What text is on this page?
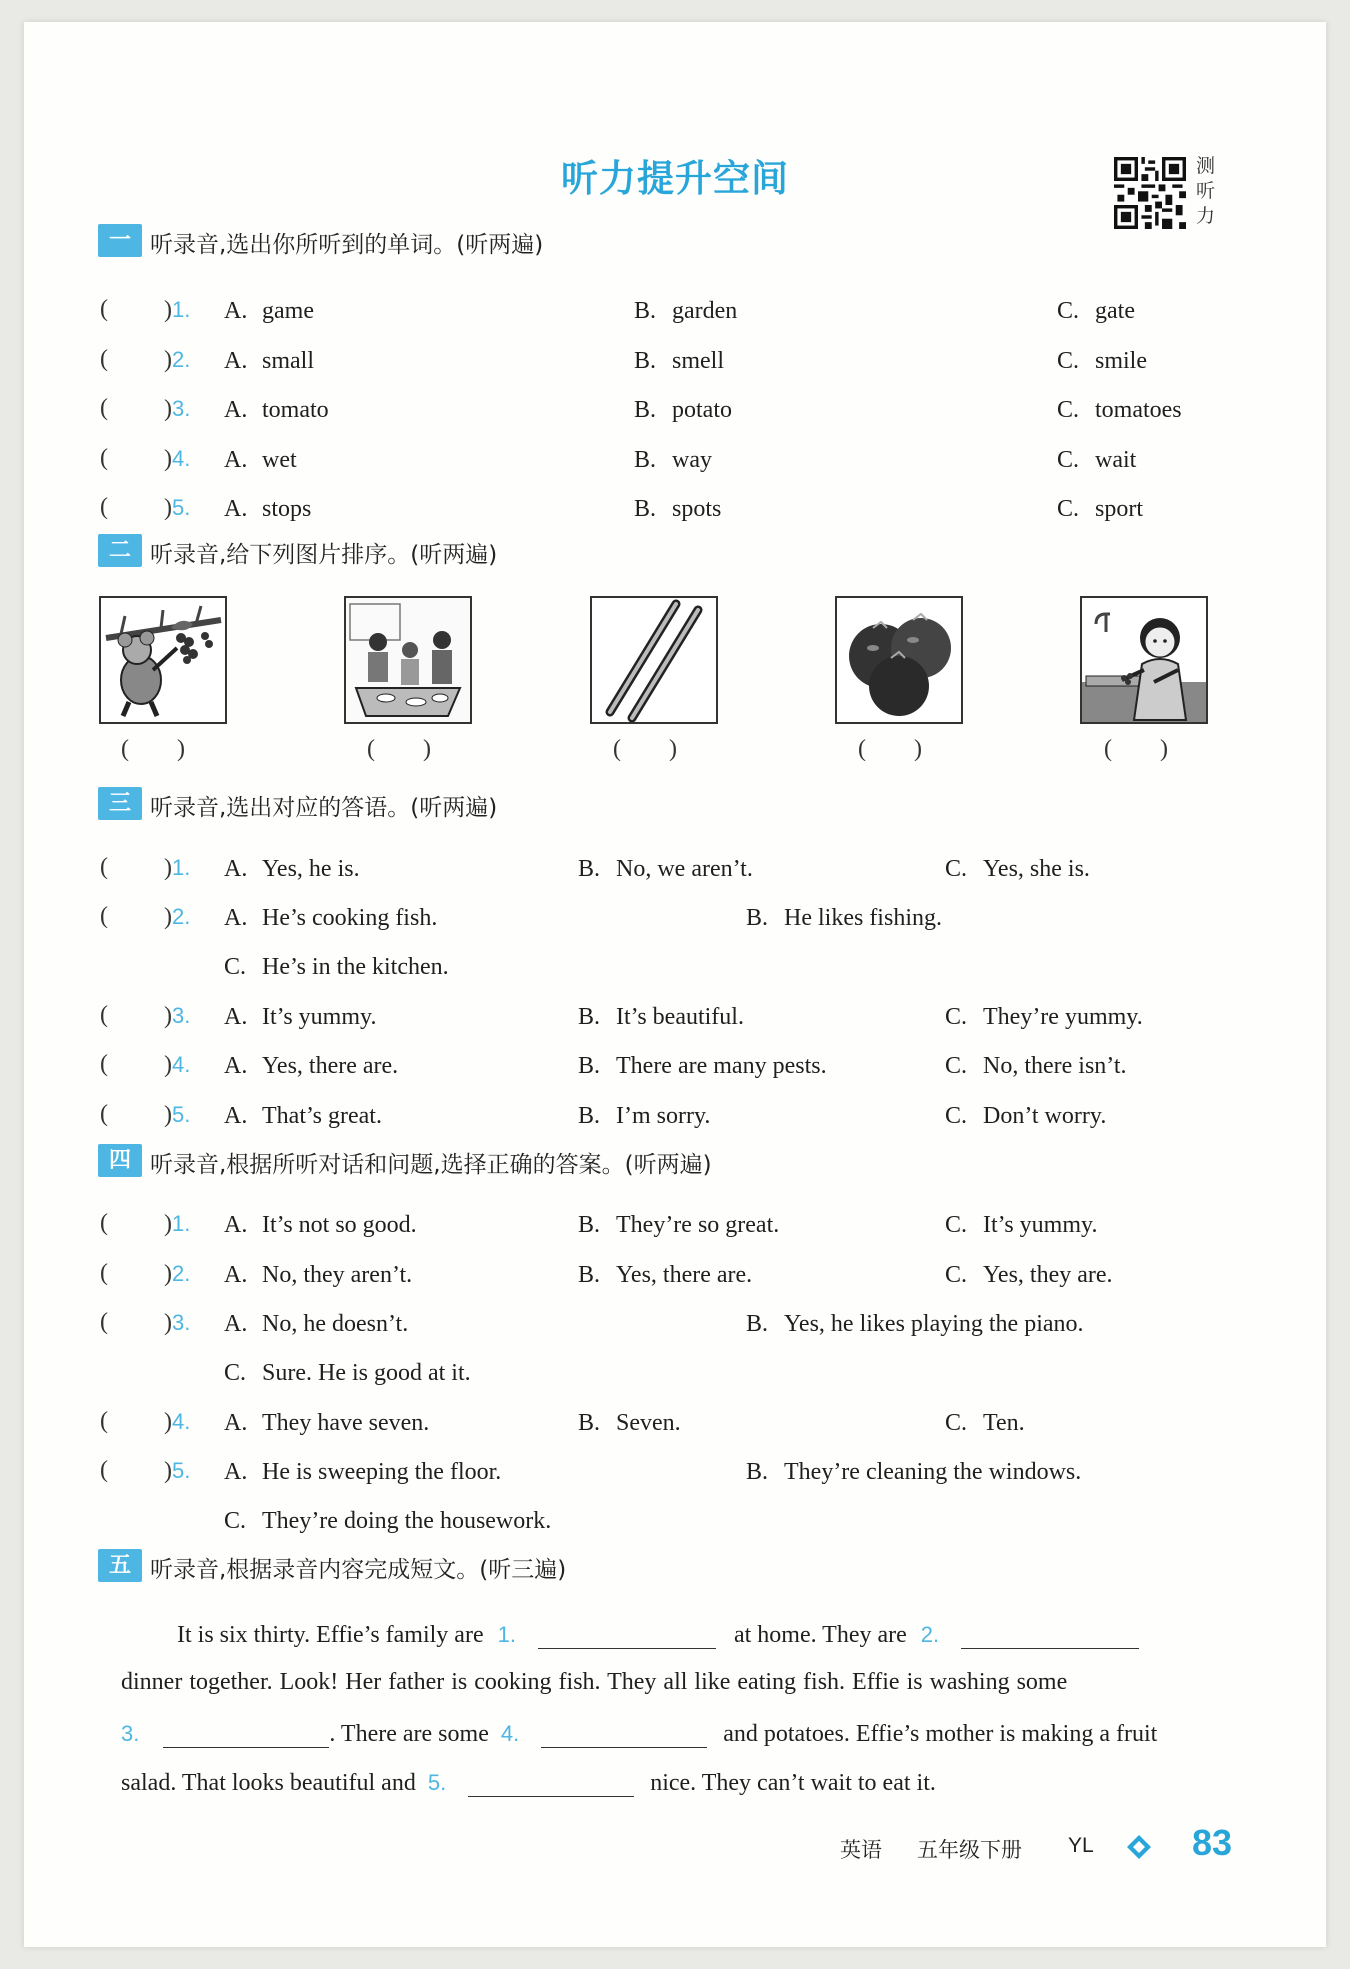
听力提升空间	测听力
一 听录音,选出你所听到的单词。(听两遍)
( )1. A. game	B. garden	C. gate
( )2. A. small	B. smell	C. smile
( )3. A. tomato	B. potato	C. tomatoes
( )4. A. wet	B. way	C. wait
( )5. A. stops	B. spots	C. sport
二 听录音,给下列图片排序。(听两遍)
( )	( )	( )	( )	( )
三 听录音,选出对应的答语。(听两遍)
( )1. A. Yes, he is.	B. No, we aren’t.	C. Yes, she is.
( )2. A. He’s cooking fish.	B. He likes fishing.
C. He’s in the kitchen.
( )3. A. It’s yummy.	B. It’s beautiful.	C. They’re yummy.
( )4. A. Yes, there are.	B. There are many pests.	C. No, there isn’t.
( )5. A. That’s great.	B. I’m sorry.	C. Don’t worry.
四 听录音,根据所听对话和问题,选择正确的答案。(听两遍)
( )1. A. It’s not so good.	B. They’re so great.	C. It’s yummy.
( )2. A. No, they aren’t.	B. Yes, there are.	C. Yes, they are.
( )3. A. No, he doesn’t.	B. Yes, he likes playing the piano.
C. Sure. He is good at it.
( )4. A. They have seven.	B. Seven.	C. Ten.
( )5. A. He is sweeping the floor.	B. They’re cleaning the windows.
C. They’re doing the housework.
五 听录音,根据录音内容完成短文。(听三遍)
It is six thirty. Effie’s family are 1.	at home. They are 2.
dinner together. Look! Her father is cooking fish. They all like eating fish. Effie is washing some
3.	. There are some 4.	and potatoes. Effie’s mother is making a fruit
salad. That looks beautiful and 5.	nice. They can’t wait to eat it.
英语 五年级下册 YL	83
